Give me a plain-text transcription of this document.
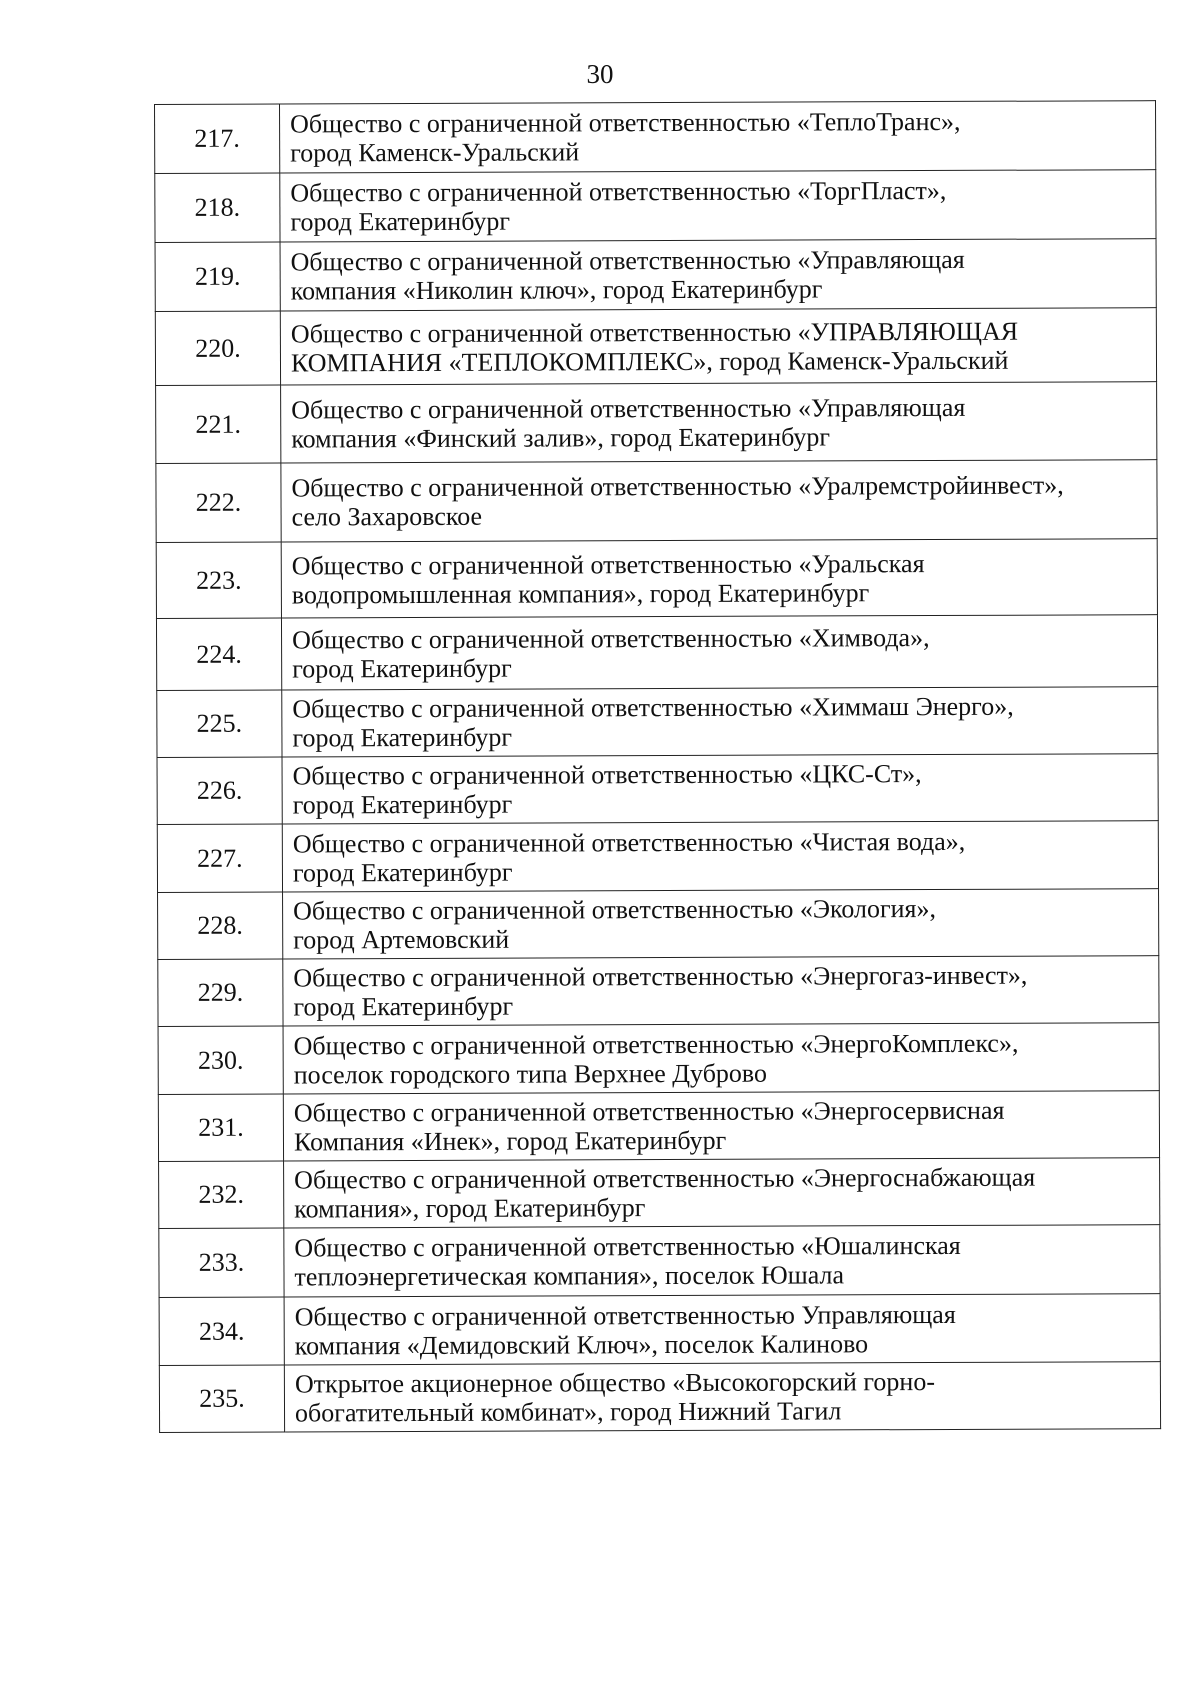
30
217.	Общество с ограниченной ответственностью «ТеплоТранс»,
город Каменск-Уральский

218.	Общество с ограниченной ответственностью «ТоргПласт»,
город Екатеринбург

219.	Общество с ограниченной ответственностью «Управляющая
компания «Николин ключ», город Екатеринбург

220.	Общество с ограниченной ответственностью «УПРАВЛЯЮЩАЯ
КОМПАНИЯ «ТЕПЛОКОМПЛЕКС», город Каменск-Уральский

221.	Общество с ограниченной ответственностью «Управляющая
компания «Финский залив», город Екатеринбург

222.	Общество с ограниченной ответственностью «Уралремстройинвест»,
село Захаровское

223.	Общество с ограниченной ответственностью «Уральская
водопромышленная компания», город Екатеринбург

224.	Общество с ограниченной ответственностью «Химвода»,
город Екатеринбург

225.	Общество с ограниченной ответственностью «Химмаш Энерго»,
город Екатеринбург

226.	Общество с ограниченной ответственностью «ЦКС-Ст»,
город Екатеринбург

227.	Общество с ограниченной ответственностью «Чистая вода»,
город Екатеринбург

228.	Общество с ограниченной ответственностью «Экология»,
город Артемовский

229.	Общество с ограниченной ответственностью «Энергогаз-инвест»,
город Екатеринбург

230.	Общество с ограниченной ответственностью «ЭнергоКомплекс»,
поселок городского типа Верхнее Дуброво

231.	Общество с ограниченной ответственностью «Энергосервисная
Компания «Инек», город Екатеринбург

232.	Общество с ограниченной ответственностью «Энергоснабжающая
компания», город Екатеринбург

233.	Общество с ограниченной ответственностью «Юшалинская
теплоэнергетическая компания», поселок Юшала

234.	Общество с ограниченной ответственностью Управляющая
компания «Демидовский Ключ», поселок Калиново

235.	Открытое акционерное общество «Высокогорский горно-
обогатительный комбинат», город Нижний Тагил
